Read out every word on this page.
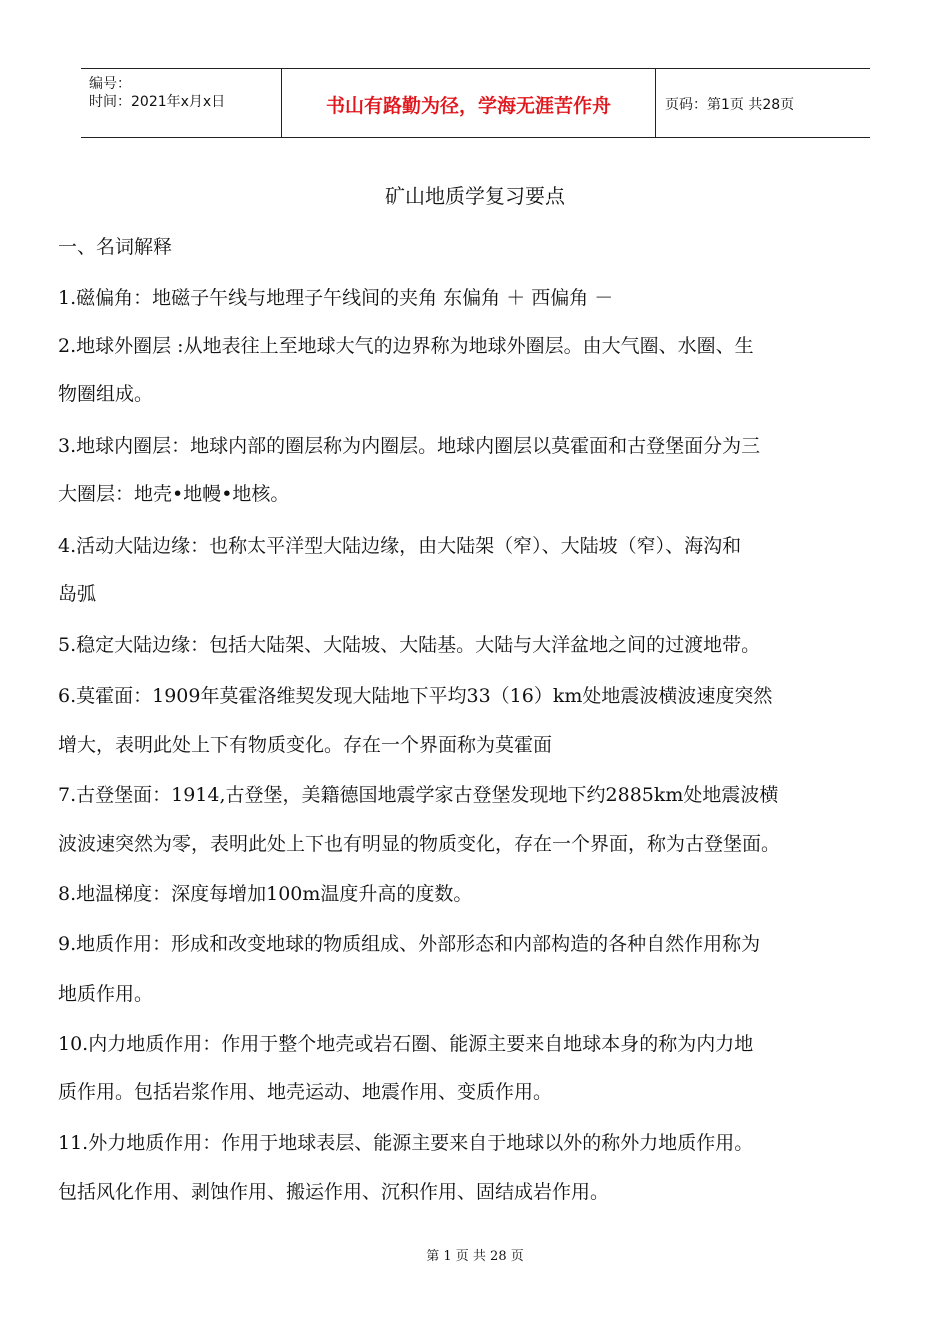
编号：
时间：2021年x月x日	书山有路勤为径，学海无涯苦作舟	页码：第1页 共28页
矿山地质学复习要点
一、名词解释
1.磁偏角：地磁子午线与地理子午线间的夹角 东偏角 ＋ 西偏角 －
2.地球外圈层 :从地表往上至地球大气的边界称为地球外圈层。由大气圈、水圈、生
物圈组成。
3.地球内圈层：地球内部的圈层称为内圈层。地球内圈层以莫霍面和古登堡面分为三
大圈层：地壳•地幔•地核。
4.活动大陆边缘：也称太平洋型大陆边缘，由大陆架（窄）、大陆坡（窄）、海沟和
岛弧
5.稳定大陆边缘：包括大陆架、大陆坡、大陆基。大陆与大洋盆地之间的过渡地带。
6.莫霍面：1909年莫霍洛维契发现大陆地下平均33（16）km处地震波横波速度突然
增大，表明此处上下有物质变化。存在一个界面称为莫霍面
7.古登堡面：1914,古登堡，美籍德国地震学家古登堡发现地下约2885km处地震波横
波波速突然为零，表明此处上下也有明显的物质变化，存在一个界面，称为古登堡面。
8.地温梯度：深度每增加100m温度升高的度数。
9.地质作用：形成和改变地球的物质组成、外部形态和内部构造的各种自然作用称为
地质作用。
10.内力地质作用：作用于整个地壳或岩石圈、能源主要来自地球本身的称为内力地
质作用。包括岩浆作用、地壳运动、地震作用、变质作用。
11.外力地质作用：作用于地球表层、能源主要来自于地球以外的称外力地质作用。
包括风化作用、剥蚀作用、搬运作用、沉积作用、固结成岩作用。
第 1 页 共 28 页
